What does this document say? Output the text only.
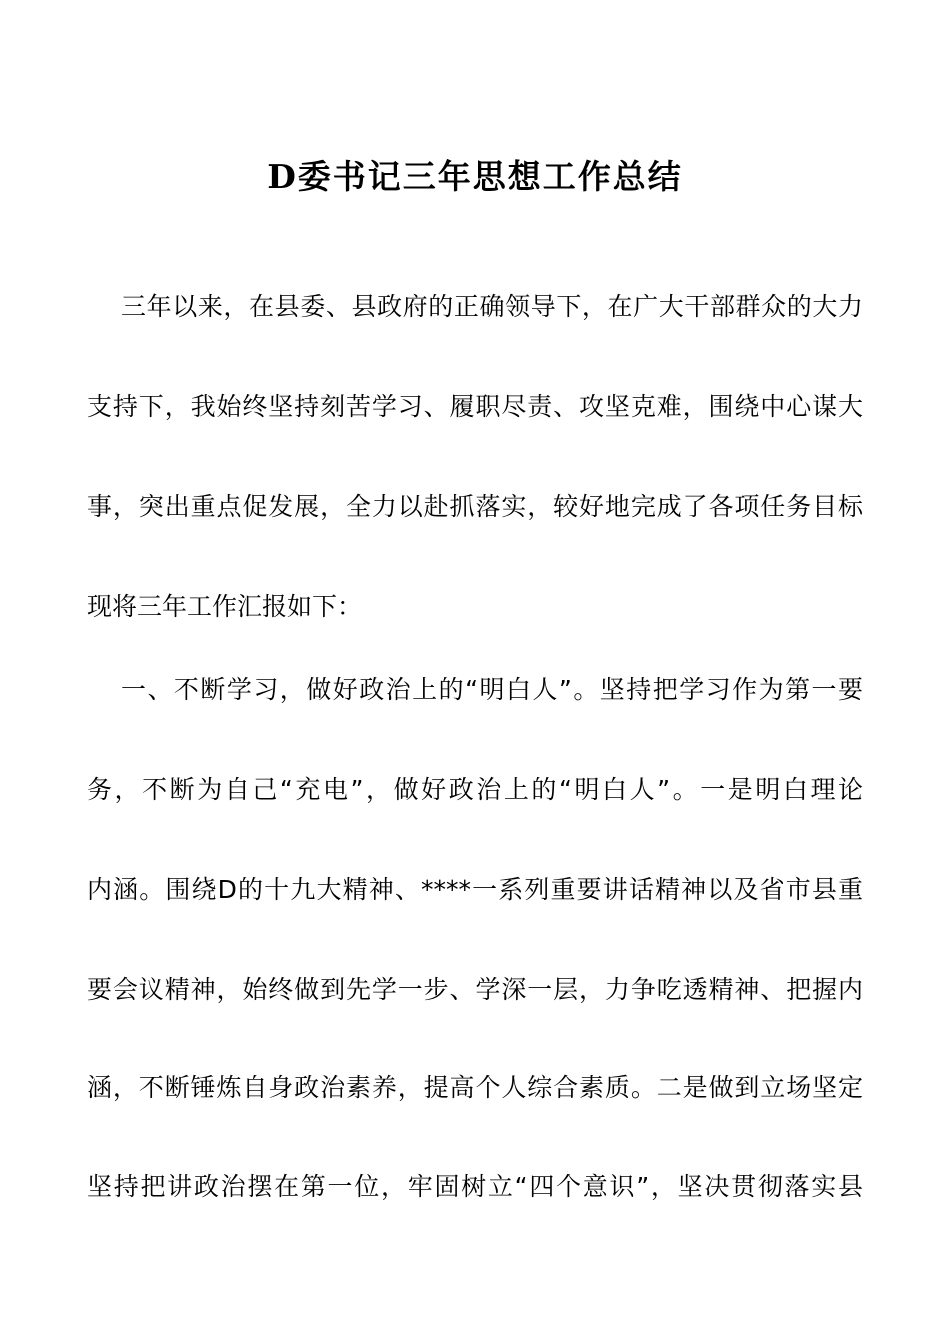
D委书记三年思想工作总结
三年以来，在县委、县政府的正确领导下，在广大干部群众的大力
支持下，我始终坚持刻苦学习、履职尽责、攻坚克难，围绕中心谋大
事，突出重点促发展，全力以赴抓落实，较好地完成了各项任务目标
现将三年工作汇报如下：
一、不断学习，做好政治上的“明白人”。坚持把学习作为第一要
务，不断为自己“充电”，做好政治上的“明白人”。一是明白理论
内涵。围绕D的十九大精神、****一系列重要讲话精神以及省市县重
要会议精神，始终做到先学一步、学深一层，力争吃透精神、把握内
涵，不断锤炼自身政治素养，提高个人综合素质。二是做到立场坚定
坚持把讲政治摆在第一位，牢固树立“四个意识”，坚决贯彻落实县
